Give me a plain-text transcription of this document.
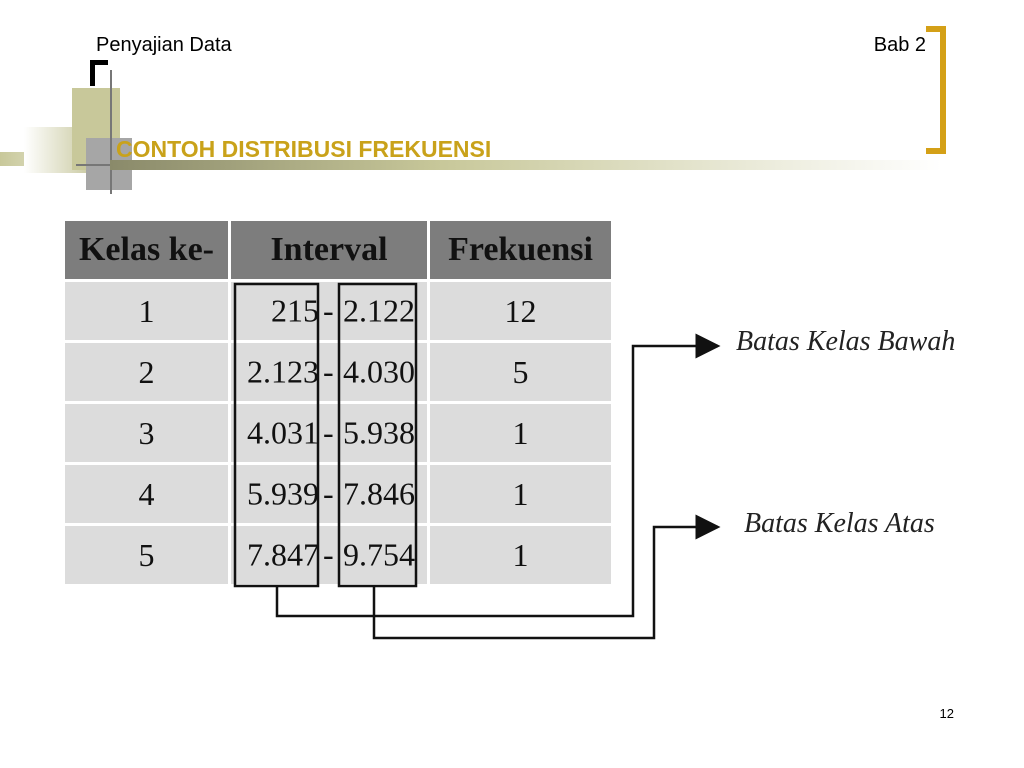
Penyajian Data	Bab 2
CONTOH DISTRIBUSI FREKUENSI
Kelas ke-	Interval	Frekuensi
1	215 - 2.122	12
2	2.123 - 4.030	5
3	4.031 - 5.938	1
4	5.939 - 7.846	1
5	7.847 - 9.754	1
Batas Kelas Bawah
Batas Kelas Atas
12
